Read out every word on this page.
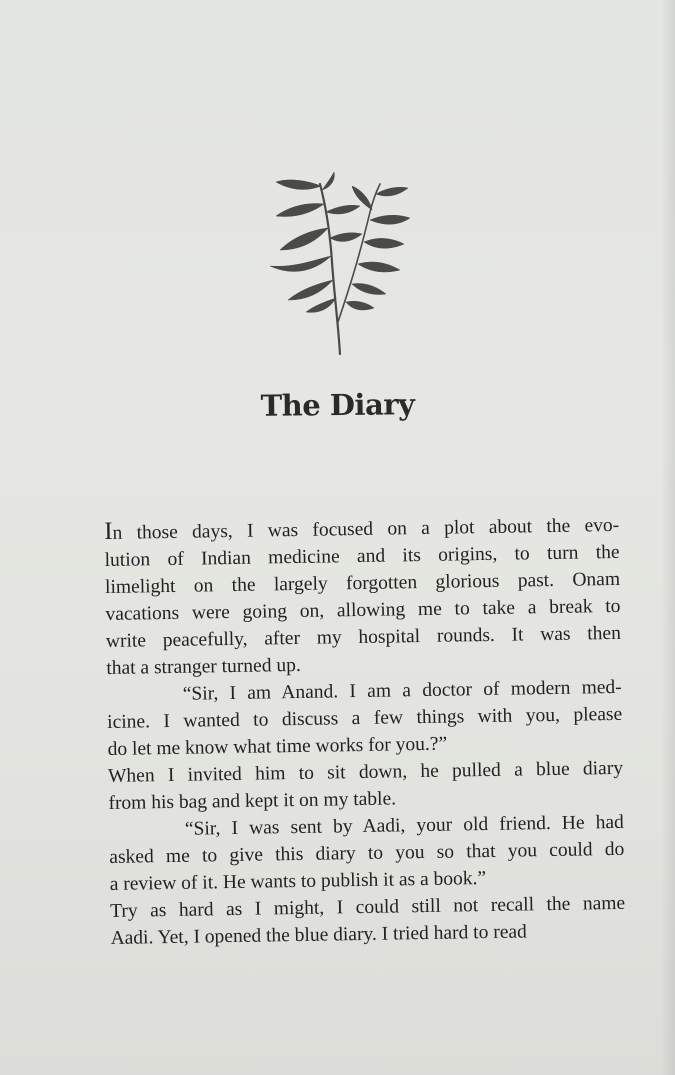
The Diary
In those days, I was focused on a plot about the evo-
lution of Indian medicine and its origins, to turn the
limelight on the largely forgotten glorious past. Onam
vacations were going on, allowing me to take a break to
write peacefully, after my hospital rounds. It was then
that a stranger turned up.
“Sir, I am Anand. I am a doctor of modern med-
icine. I wanted to discuss a few things with you, please
do let me know what time works for you.?”
When I invited him to sit down, he pulled a blue diary
from his bag and kept it on my table.
“Sir, I was sent by Aadi, your old friend. He had
asked me to give this diary to you so that you could do
a review of it. He wants to publish it as a book.”
Try as hard as I might, I could still not recall the name
Aadi. Yet, I opened the blue diary. I tried hard to read
